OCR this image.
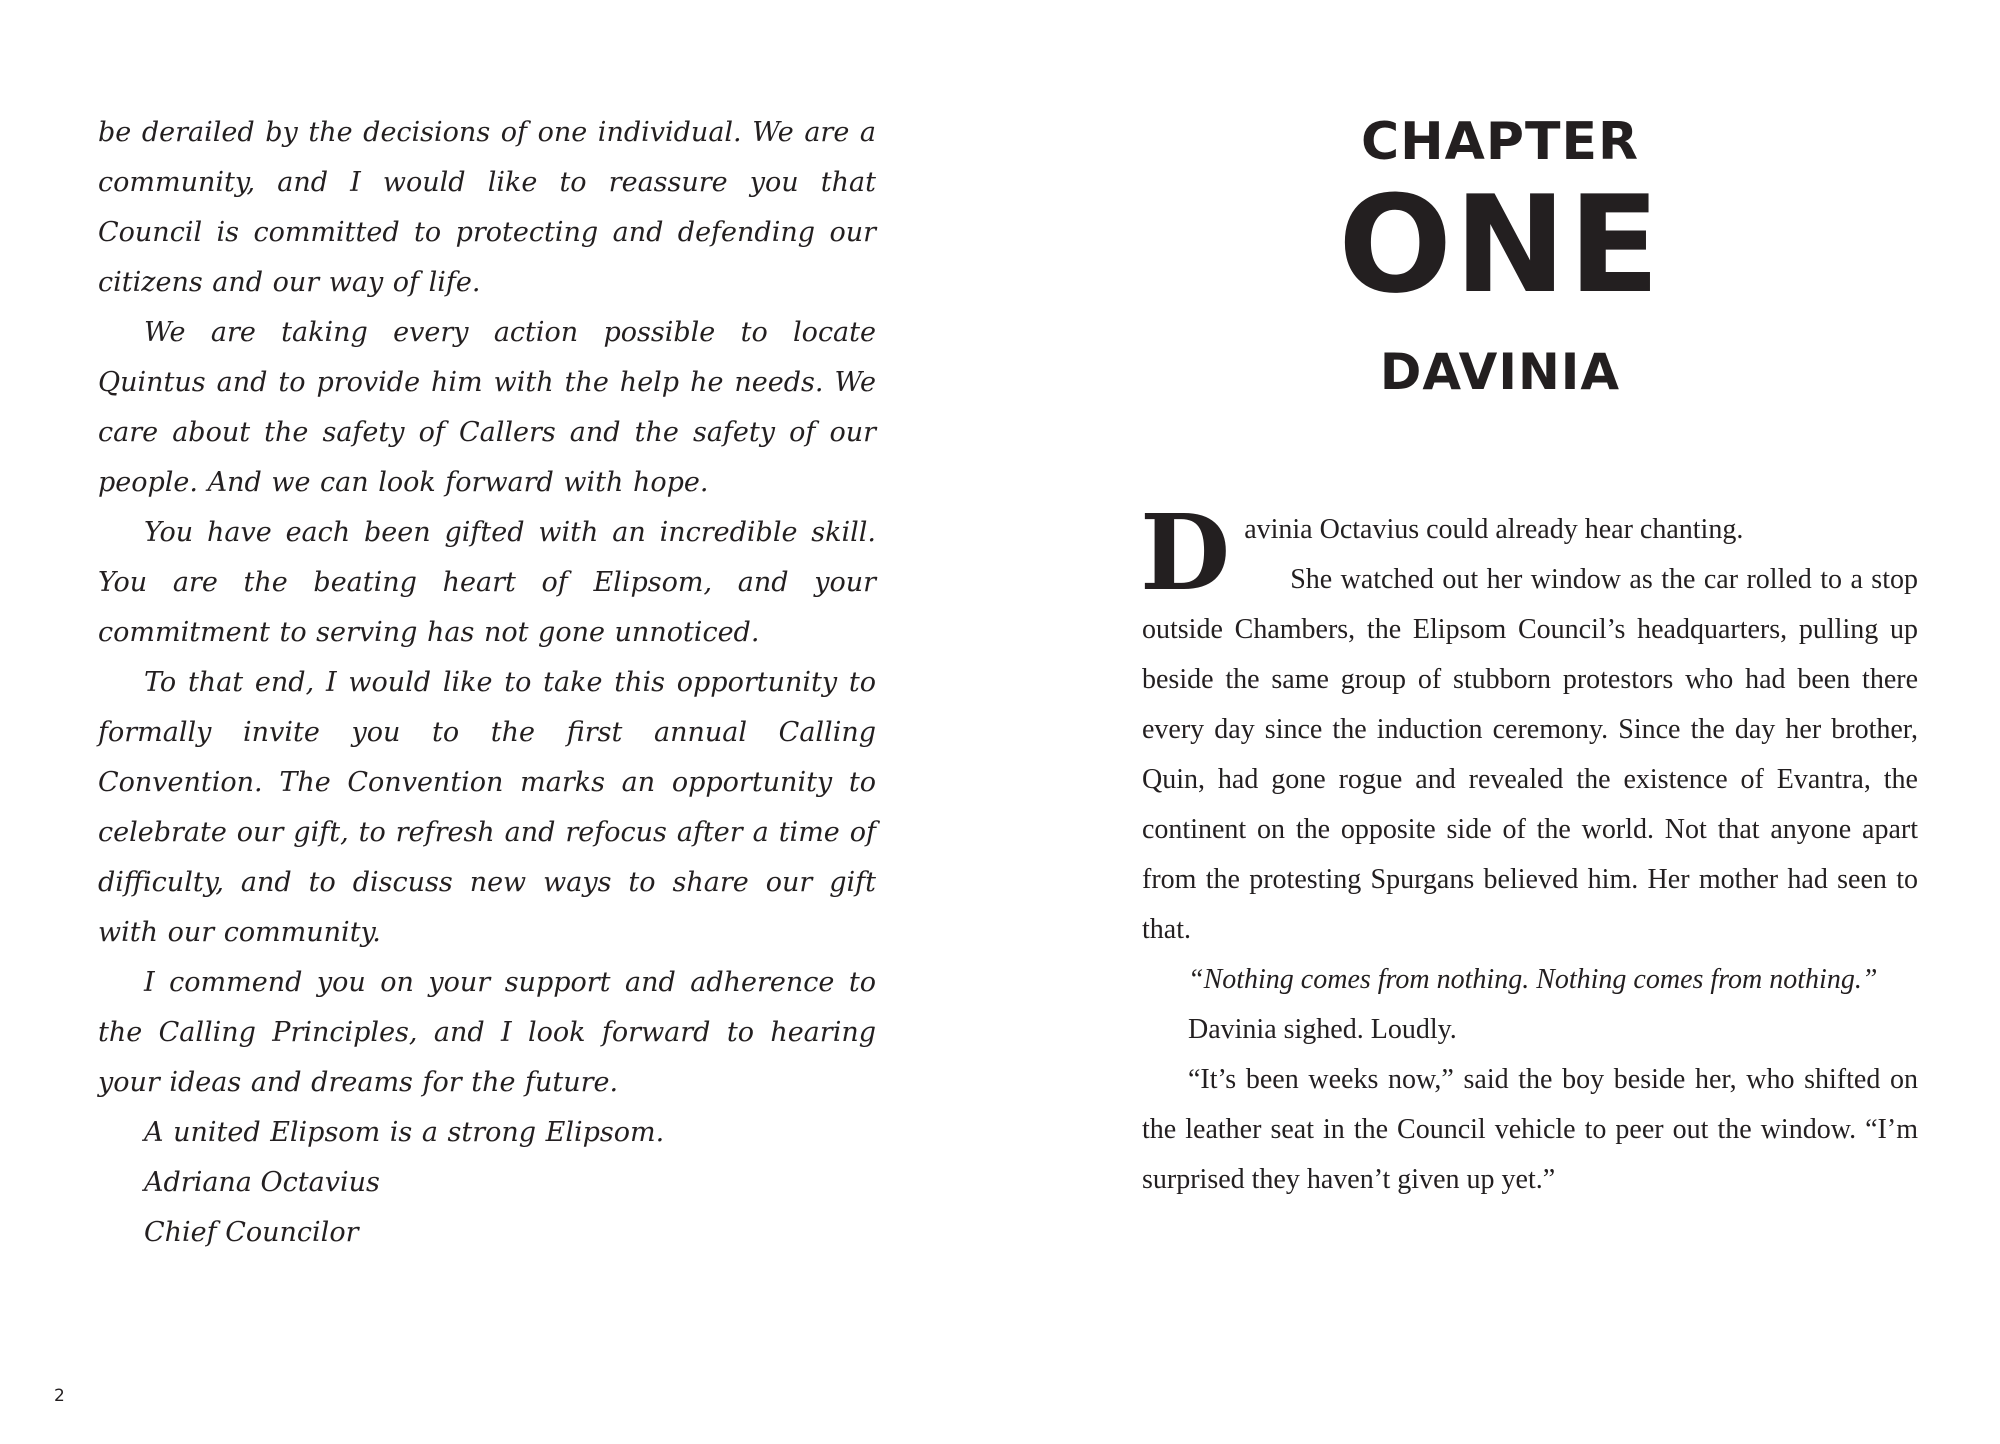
be derailed by the decisions of one individual. We are a community, and I would like to reassure you that Council is committed to protecting and defending our citizens and our way of life.

We are taking every action possible to locate Quintus and to provide him with the help he needs. We care about the safety of Callers and the safety of our people. And we can look forward with hope.

You have each been gifted with an incredible skill. You are the beating heart of Elipsom, and your commitment to serving has not gone unnoticed.

To that end, I would like to take this opportunity to formally invite you to the first annual Calling Convention. The Convention marks an opportunity to celebrate our gift, to refresh and refocus after a time of difficulty, and to discuss new ways to share our gift with our community.

I commend you on your support and adherence to the Calling Principles, and I look forward to hearing your ideas and dreams for the future.

A united Elipsom is a strong Elipsom.

Adriana Octavius
Chief Councilor
2
CHAPTER
ONE
DAVINIA

D avinia Octavius could already hear chanting.

She watched out her window as the car rolled to a stop outside Chambers, the Elipsom Council’s headquarters, pulling up beside the same group of stubborn protestors who had been there every day since the induction ceremony. Since the day her brother, Quin, had gone rogue and revealed the existence of Evantra, the continent on the opposite side of the world. Not that anyone apart from the protesting Spurgans believed him. Her mother had seen to that.

“Nothing comes from nothing. Nothing comes from nothing.”

Davinia sighed. Loudly.

“It’s been weeks now,” said the boy beside her, who shifted on the leather seat in the Council vehicle to peer out the window. “I’m surprised they haven’t given up yet.”
